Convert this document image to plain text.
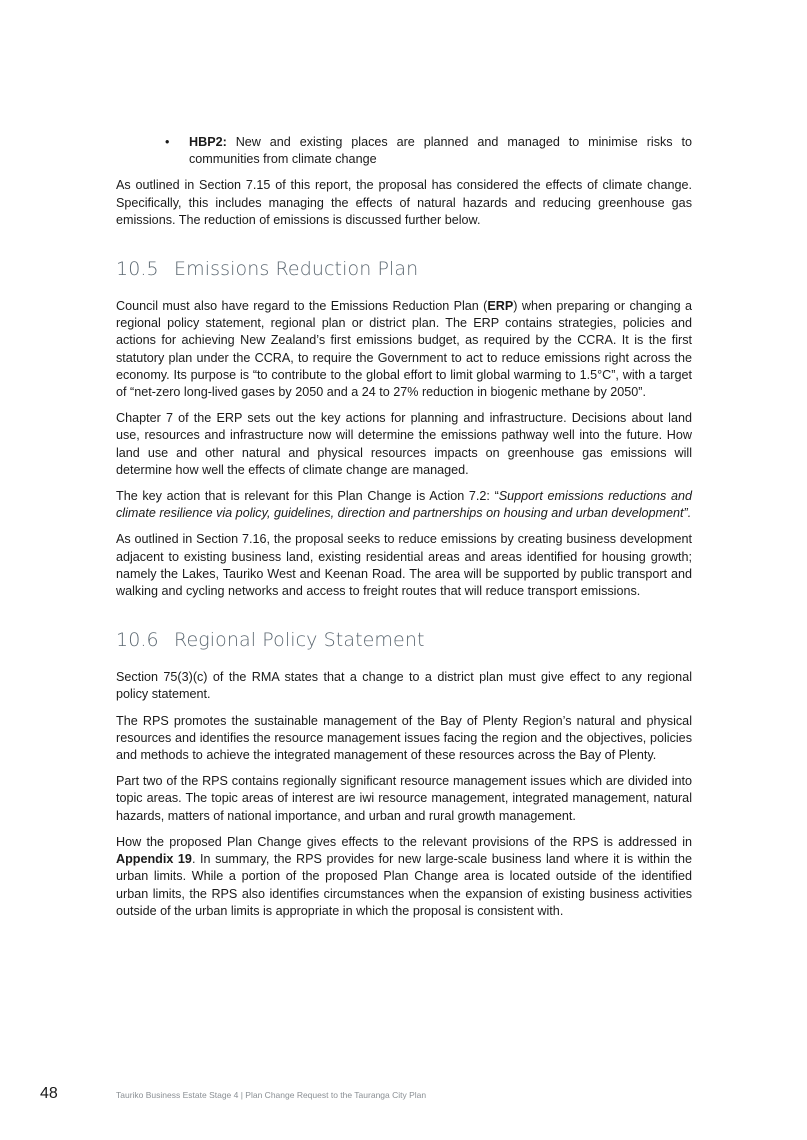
• HBP2: New and existing places are planned and managed to minimise risks to communities from climate change

As outlined in Section 7.15 of this report, the proposal has considered the effects of climate change. Specifically, this includes managing the effects of natural hazards and reducing greenhouse gas emissions. The reduction of emissions is discussed further below.

10.5 Emissions Reduction Plan

Council must also have regard to the Emissions Reduction Plan (ERP) when preparing or changing a regional policy statement, regional plan or district plan. The ERP contains strategies, policies and actions for achieving New Zealand’s first emissions budget, as required by the CCRA. It is the first statutory plan under the CCRA, to require the Government to act to reduce emissions right across the economy. Its purpose is “to contribute to the global effort to limit global warming to 1.5°C”, with a target of “net-zero long-lived gases by 2050 and a 24 to 27% reduction in biogenic methane by 2050”.

Chapter 7 of the ERP sets out the key actions for planning and infrastructure. Decisions about land use, resources and infrastructure now will determine the emissions pathway well into the future. How land use and other natural and physical resources impacts on greenhouse gas emissions will determine how well the effects of climate change are managed.

The key action that is relevant for this Plan Change is Action 7.2: “Support emissions reductions and climate resilience via policy, guidelines, direction and partnerships on housing and urban development”.

As outlined in Section 7.16, the proposal seeks to reduce emissions by creating business development adjacent to existing business land, existing residential areas and areas identified for housing growth; namely the Lakes, Tauriko West and Keenan Road. The area will be supported by public transport and walking and cycling networks and access to freight routes that will reduce transport emissions.

10.6 Regional Policy Statement

Section 75(3)(c) of the RMA states that a change to a district plan must give effect to any regional policy statement.

The RPS promotes the sustainable management of the Bay of Plenty Region’s natural and physical resources and identifies the resource management issues facing the region and the objectives, policies and methods to achieve the integrated management of these resources across the Bay of Plenty.

Part two of the RPS contains regionally significant resource management issues which are divided into topic areas. The topic areas of interest are iwi resource management, integrated management, natural hazards, matters of national importance, and urban and rural growth management.

How the proposed Plan Change gives effects to the relevant provisions of the RPS is addressed in Appendix 19. In summary, the RPS provides for new large-scale business land where it is within the urban limits. While a portion of the proposed Plan Change area is located outside of the identified urban limits, the RPS also identifies circumstances when the expansion of existing business activities outside of the urban limits is appropriate in which the proposal is consistent with.

48	Tauriko Business Estate Stage 4 | Plan Change Request to the Tauranga City Plan
